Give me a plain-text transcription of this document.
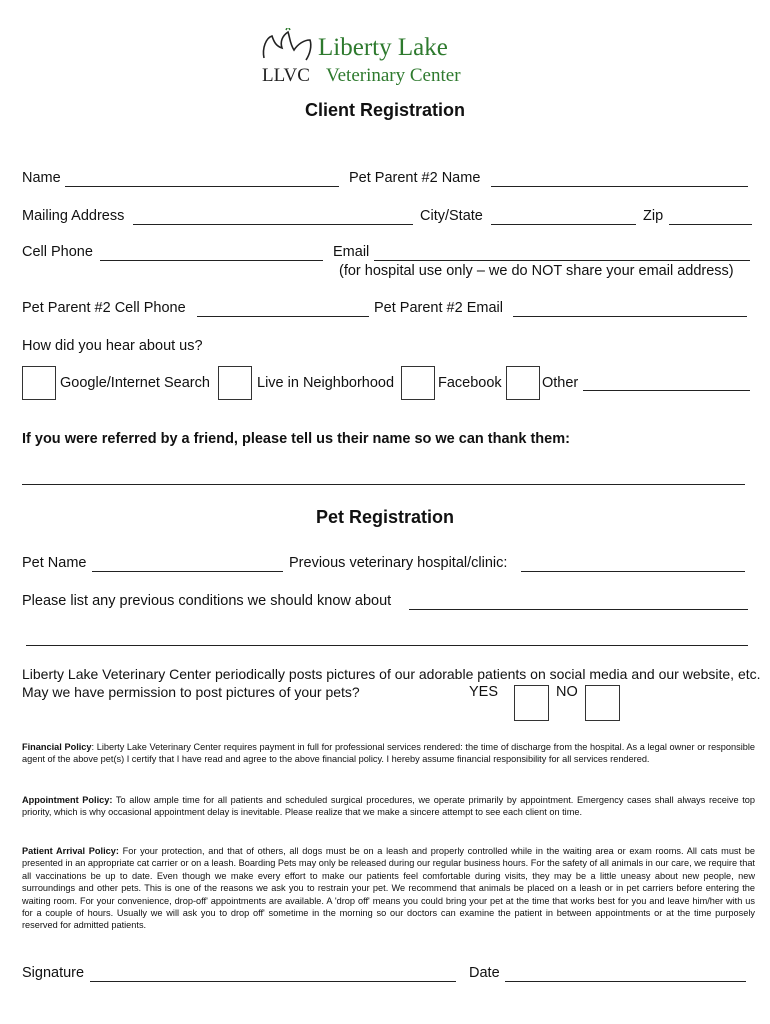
Liberty Lake
LLVC Veterinary Center
Client Registration
Name	Pet Parent #2 Name
Mailing Address	City/State	Zip
Cell Phone	Email
(for hospital use only – we do NOT share your email address)
Pet Parent #2 Cell Phone	Pet Parent #2 Email
How did you hear about us?
Google/Internet Search	Live in Neighborhood	Facebook	Other
If you were referred by a friend, please tell us their name so we can thank them:
Pet Registration
Pet Name	Previous veterinary hospital/clinic:
Please list any previous conditions we should know about
Liberty Lake Veterinary Center periodically posts pictures of our adorable patients on social media and our website, etc.
May we have permission to post pictures of your pets?	YES	NO
Financial Policy: Liberty Lake Veterinary Center requires payment in full for professional services rendered: the time of discharge from the hospital. As a legal owner or responsible agent of the above pet(s) I certify that I have read and agree to the above financial policy. I hereby assume financial responsibility for all services rendered.
Appointment Policy: To allow ample time for all patients and scheduled surgical procedures, we operate primarily by appointment. Emergency cases shall always receive top priority, which is why occasional appointment delay is inevitable. Please realize that we make a sincere attempt to see each client on time.
Patient Arrival Policy: For your protection, and that of others, all dogs must be on a leash and properly controlled while in the waiting area or exam rooms. All cats must be presented in an appropriate cat carrier or on a leash. Boarding Pets may only be released during our regular business hours. For the safety of all animals in our care, we require that all vaccinations be up to date. Even though we make every effort to make our patients feel comfortable during visits, they may be a little uneasy about new people, new surroundings and other pets. This is one of the reasons we ask you to restrain your pet. We recommend that animals be placed on a leash or in pet carriers before entering the waiting room. For your convenience, drop-off' appointments are available. A 'drop off' means you could bring your pet at the time that works best for you and leave him/her with us for a couple of hours. Usually we will ask you to drop off' sometime in the morning so our doctors can examine the patient in between appointments or at the time purposely reserved for admitted patients.
Signature	Date
